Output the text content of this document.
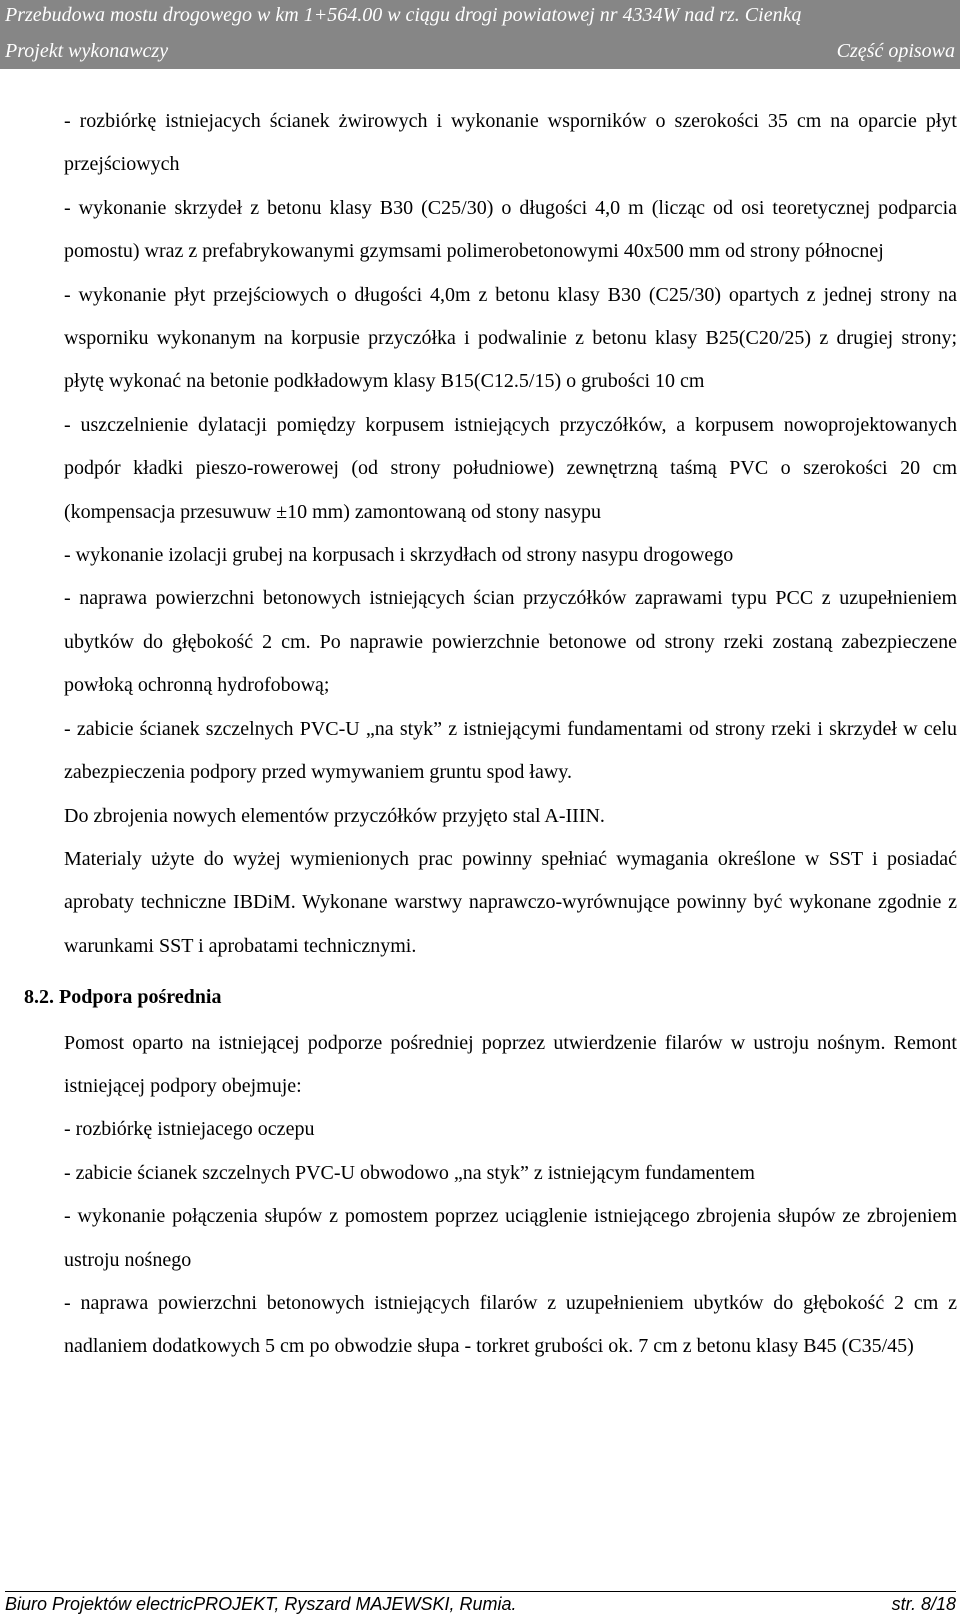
Przebudowa mostu drogowego w km 1+564.00 w ciągu drogi powiatowej nr 4334W nad rz. Cienką
Projekt wykonawczy	Część opisowa

- rozbiórkę istniejacych ścianek żwirowych i wykonanie wsporników o szerokości 35 cm na oparcie płyt przejściowych

- wykonanie skrzydeł z betonu klasy B30 (C25/30) o długości 4,0 m (licząc od osi teoretycznej podparcia pomostu) wraz z prefabrykowanymi gzymsami polimerobetonowymi 40x500 mm od strony północnej

- wykonanie płyt przejściowych o długości 4,0m z betonu klasy B30 (C25/30) opartych z jednej strony na wsporniku wykonanym na korpusie przyczółka i podwalinie z betonu klasy B25(C20/25) z drugiej strony; płytę wykonać na betonie podkładowym klasy B15(C12.5/15) o grubości 10 cm

- uszczelnienie dylatacji pomiędzy korpusem istniejących przyczółków, a korpusem nowoprojektowanych podpór kładki pieszo-rowerowej (od strony południowe) zewnętrzną taśmą PVC o szerokości 20 cm (kompensacja przesuwuw ±10 mm) zamontowaną od stony nasypu

- wykonanie izolacji grubej na korpusach i skrzydłach od strony nasypu drogowego

- naprawa powierzchni betonowych istniejących ścian przyczółków zaprawami typu PCC z uzupełnieniem ubytków do głębokość 2 cm. Po naprawie powierzchnie betonowe od strony rzeki zostaną zabezpieczene powłoką ochronną hydrofobową;

- zabicie ścianek szczelnych PVC-U „na styk” z istniejącymi fundamentami od strony rzeki i skrzydeł w celu zabezpieczenia podpory przed wymywaniem gruntu spod ławy.

Do zbrojenia nowych elementów przyczółków przyjęto stal A-IIIN.

Materialy użyte do wyżej wymienionych prac powinny spełniać wymagania określone w SST i posiadać aprobaty techniczne IBDiM. Wykonane warstwy naprawczo-wyrównujące powinny być wykonane zgodnie z warunkami SST i aprobatami technicznymi.

8.2. Podpora pośrednia

Pomost oparto na istniejącej podporze pośredniej poprzez utwierdzenie filarów w ustroju nośnym. Remont istniejącej podpory obejmuje:

- rozbiórkę istniejacego oczepu

- zabicie ścianek szczelnych PVC-U obwodowo „na styk” z istniejącym fundamentem

- wykonanie połączenia słupów z pomostem poprzez uciąglenie istniejącego zbrojenia słupów ze zbrojeniem ustroju nośnego

- naprawa powierzchni betonowych istniejących filarów z uzupełnieniem ubytków do głębokość 2 cm z nadlaniem dodatkowych 5 cm po obwodzie słupa - torkret grubości ok. 7 cm z betonu klasy B45 (C35/45)

Biuro Projektów electricPROJEKT, Ryszard MAJEWSKI, Rumia.	str. 8/18
